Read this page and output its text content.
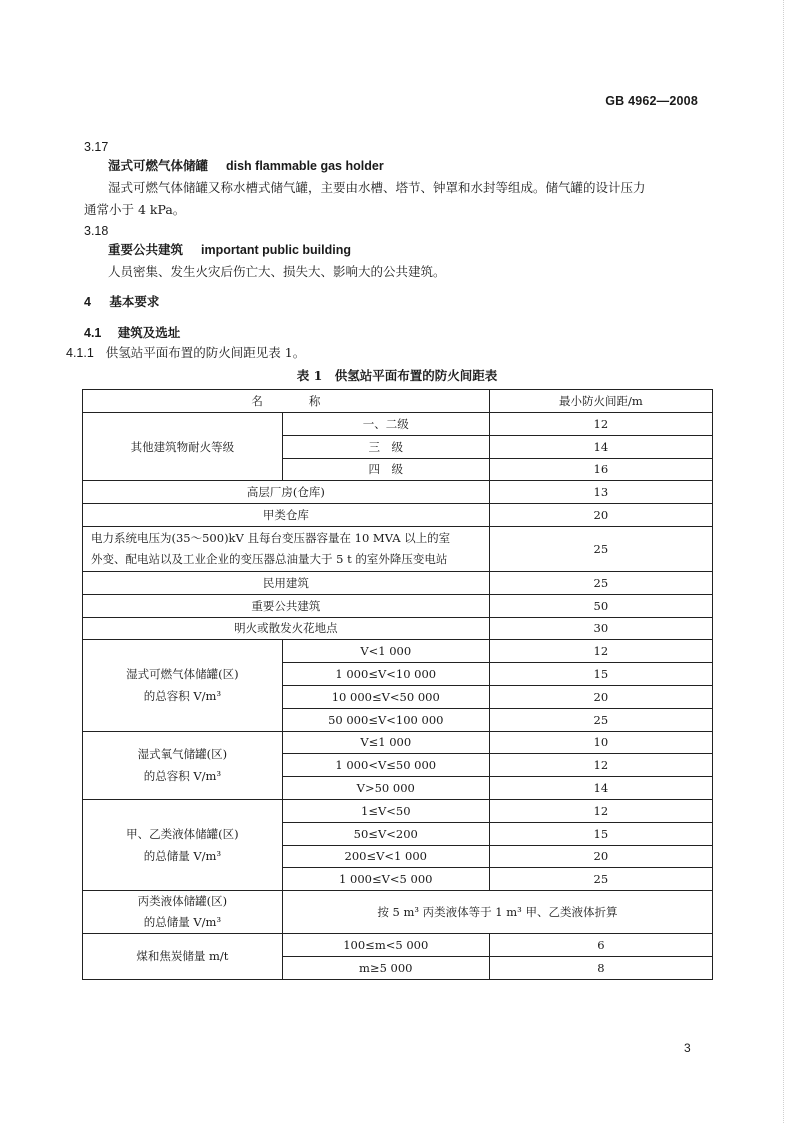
GB 4962—2008
3.17
湿式可燃气体储罐 dish flammable gas holder
湿式可燃气体储罐又称水槽式储气罐，主要由水槽、塔节、钟罩和水封等组成。储气罐的设计压力
通常小于 4 kPa。
3.18
重要公共建筑 important public building
人员密集、发生火灾后伤亡大、损失大、影响大的公共建筑。
4 基本要求
4.1 建筑及选址
4.1.1 供氢站平面布置的防火间距见表 1。
表 1　供氢站平面布置的防火间距表
名　　　　称		最小防火间距/m
其他建筑物耐火等级	一、二级	12
	三　级	14
	四　级	16
高层厂房(仓库)		13
甲类仓库		20

电力系统电压为(35～500)kV 且每台变压器容量在 10 MVA 以上的室
外变、配电站以及工业企业的变压器总油量大于 5 t 的室外降压变电站		25
民用建筑		25
重要公共建筑		50
明火或散发火花地点		30

湿式可燃气体储罐(区)
的总容积 V/m³	V<1 000	12
	1 000≤V<10 000	15
	10 000≤V<50 000	20
	50 000≤V<100 000	25

湿式氧气储罐(区)
的总容积 V/m³	V≤1 000	10
	1 000<V≤50 000	12
	V>50 000	14

甲、乙类液体储罐(区)
的总储量 V/m³	1≤V<50	12
	50≤V<200	15
	200≤V<1 000	20
	1 000≤V<5 000	25

丙类液体储罐(区)
的总储量 V/m³	按 5 m³ 丙类液体等于 1 m³ 甲、乙类液体折算	
煤和焦炭储量 m/t	100≤m<5 000	6
	m≥5 000	8
3
